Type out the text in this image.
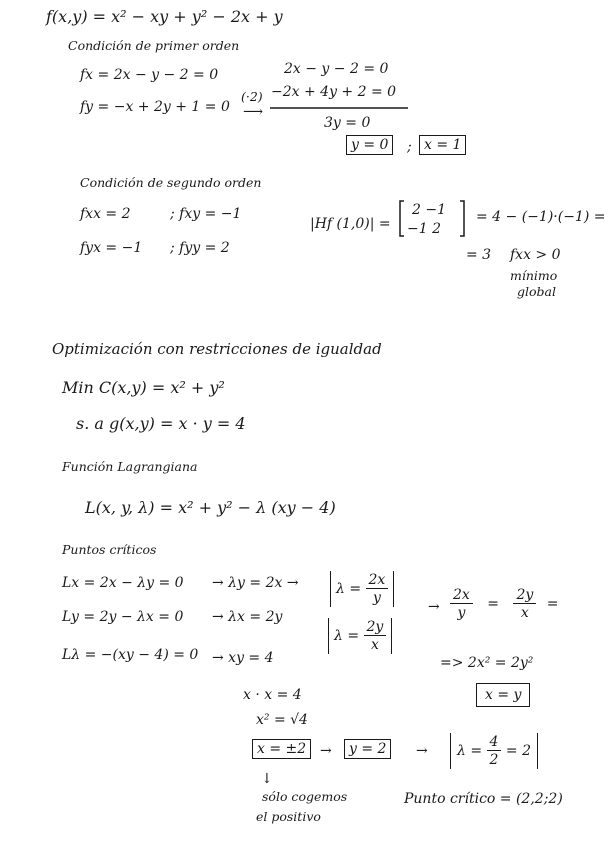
f(x,y) = x² − xy + y² − 2x + y
Condición de primer orden
fx = 2x − y − 2 = 0
fy = −x + 2y + 1 = 0
(·2)
⟶
2x − y − 2 = 0
−2x + 4y + 2 = 0
3y = 0
y = 0	; x = 1
Condición de segundo orden
fxx = 2	; fxy = −1
fyx = −1 ; fyy = 2
|Hf (1,0)| =
2 −1
−1 2
= 4 − (−1)·(−1) =
= 3 fxx > 0
mínimo
global
Optimización con restricciones de igualdad
Min C(x,y) = x² + y²
s. a g(x,y) = x · y = 4
Función Lagrangiana
L(x, y, λ) = x² + y² − λ (xy − 4)
Puntos críticos
Lx = 2x − λy = 0 → λy = 2x →	$\lambda = \frac{2x}{y}$
Ly = 2y − λx = 0 → λx = 2y
$\lambda = \frac{2y}{x}$
→ $\frac{2x}{y} = \frac{2y}{x}$ =
=> 2x² = 2y²
x = y
Lλ = −(xy − 4) = 0 → xy = 4
x · x = 4
x² = √4
x = ±2 →	y = 2	→	$\lambda = \frac{4}{2} = 2$
↓
sólo cogemos
el positivo
Punto crítico = (2,2;2)
